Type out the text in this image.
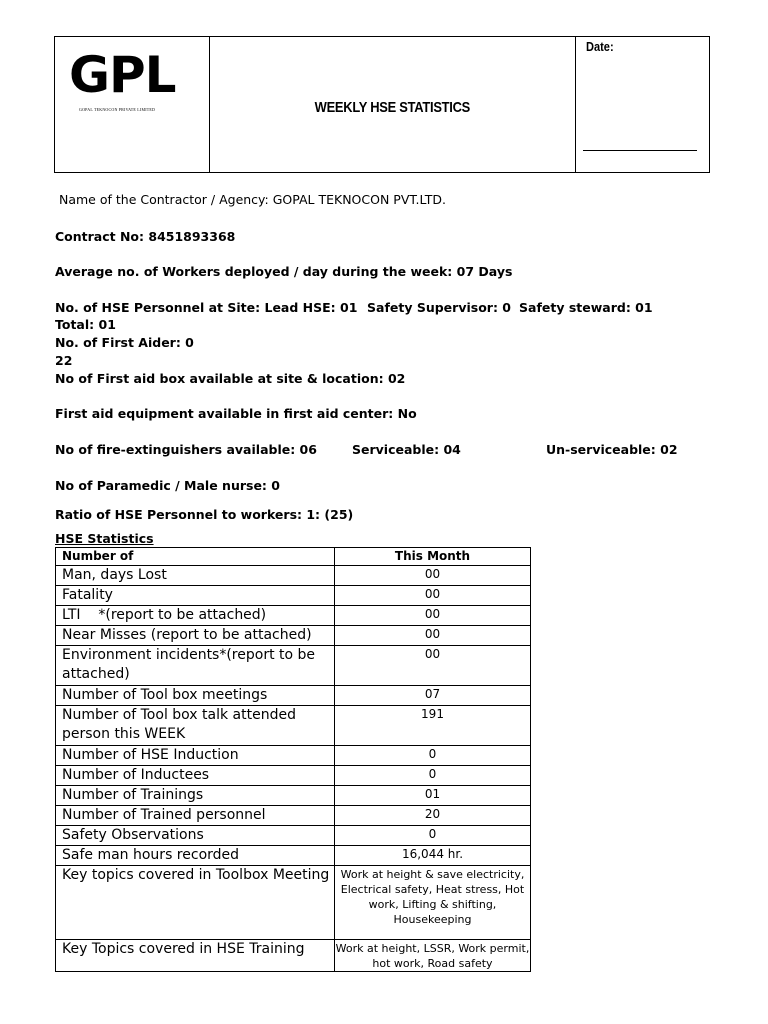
GPL
GOPAL TEKNOCON PRIVATE LIMITED	WEEKLY HSE STATISTICS
Date:
Name of the Contractor / Agency: GOPAL TEKNOCON PVT.LTD.
Contract No: 8451893368
Average no. of Workers deployed / day during the week: 07 Days
No. of HSE Personnel at Site: Lead HSE: 01 Safety Supervisor: 0 Safety steward: 01
Total: 01
No. of First Aider: 0
22
No of First aid box available at site & location: 02
First aid equipment available in first aid center: No
No of fire-extinguishers available: 06	Serviceable: 04	Un-serviceable: 02
No of Paramedic / Male nurse: 0
Ratio of HSE Personnel to workers: 1: (25)
HSE Statistics
Number of	This Month
Man, days Lost	00
Fatality	00
LTI    *(report to be attached)	00
Near Misses (report to be attached)	00
Environment incidents*(report to be attached)	00
Number of Tool box meetings	07
Number of Tool box talk attended person this WEEK	191
Number of HSE Induction	0
Number of Inductees	0
Number of Trainings	01
Number of Trained personnel	20
Safety Observations	0
Safe man hours recorded	16,044 hr.
Key topics covered in Toolbox Meeting	Work at height & save electricity, Electrical safety, Heat stress, Hot work, Lifting & shifting, Housekeeping
Key Topics covered in HSE Training	Work at height, LSSR, Work permit, hot work, Road safety
